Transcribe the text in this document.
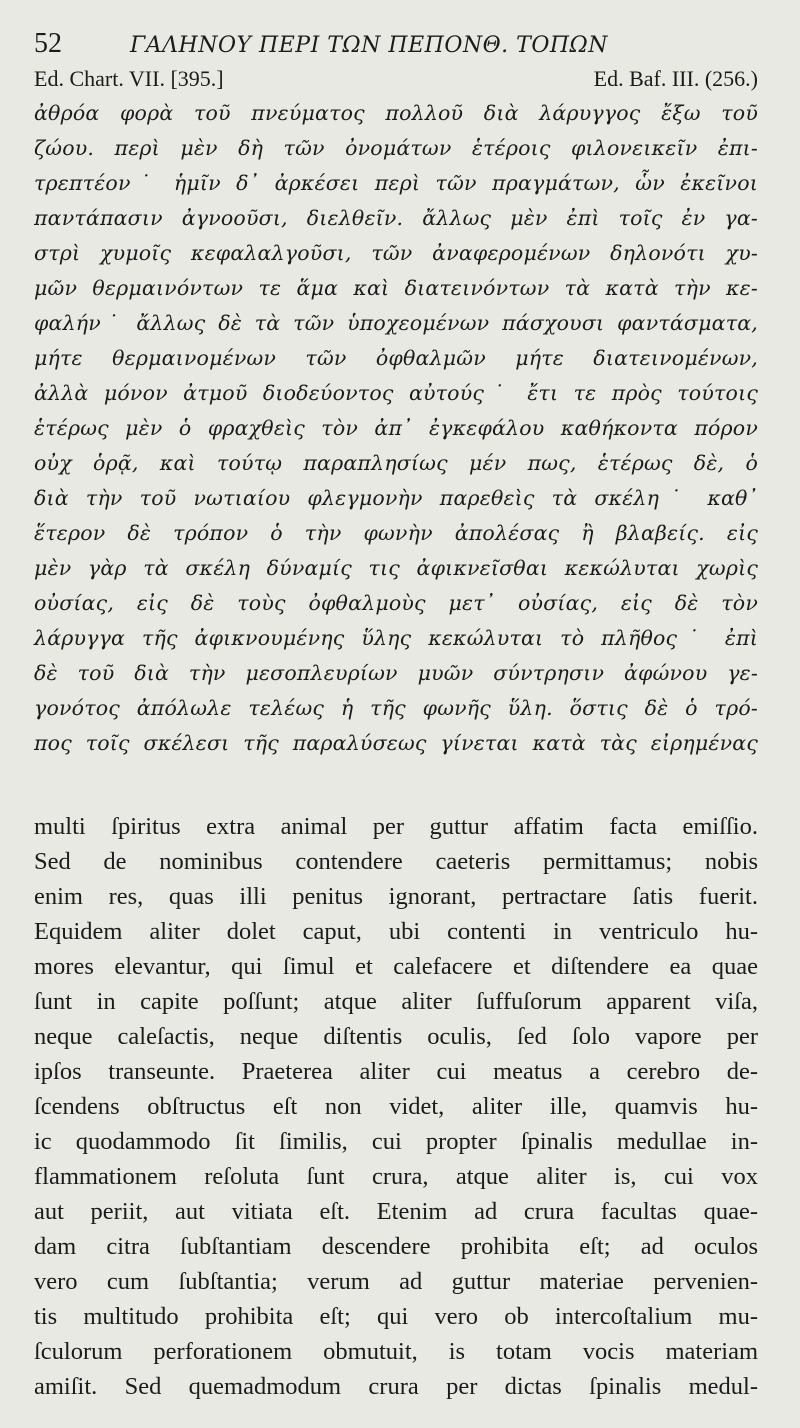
52	ΓΑΛΗΝΟΥ ΠΕΡΙ ΤΩΝ ΠΕΠΟΝΘ. ΤΟΠΩΝ
Ed. Chart. VII. [395.]	Ed. Baf. III. (256.)
ἀθρόα φορὰ τοῦ πνεύματος πολλοῦ διὰ λάρυγγος ἔξω τοῦ
ζώου. περὶ μὲν δὴ τῶν ὀνομάτων ἑτέροις φιλονεικεῖν ἐπι-
τρεπτέον˙ ἡμῖν δ᾽ ἀρκέσει περὶ τῶν πραγμάτων, ὧν ἐκεῖνοι
παντάπασιν ἀγνοοῦσι, διελθεῖν. ἄλλως μὲν ἐπὶ τοῖς ἐν γα-
στρὶ χυμοῖς κεφαλαλγοῦσι, τῶν ἀναφερομένων δηλονότι χυ-
μῶν θερμαινόντων τε ἅμα καὶ διατεινόντων τὰ κατὰ τὴν κε-
φαλήν˙ ἄλλως δὲ τὰ τῶν ὑποχεομένων πάσχουσι φαντάσματα,
μήτε θερμαινομένων τῶν ὀφθαλμῶν μήτε διατεινομένων,
ἀλλὰ μόνον ἀτμοῦ διοδεύοντος αὐτούς˙ ἔτι τε πρὸς τούτοις
ἑτέρως μὲν ὁ φραχθεὶς τὸν ἀπ᾽ ἐγκεφάλου καθήκοντα πόρον
οὐχ ὁρᾷ, καὶ τούτῳ παραπλησίως μέν πως, ἑτέρως δὲ, ὁ
διὰ τὴν τοῦ νωτιαίου φλεγμονὴν παρεθεὶς τὰ σκέλη˙ καθ᾽
ἕτερον δὲ τρόπον ὁ τὴν φωνὴν ἀπολέσας ἢ βλαβείς. εἰς
μὲν γὰρ τὰ σκέλη δύναμίς τις ἀφικνεῖσθαι κεκώλυται χωρὶς
οὐσίας, εἰς δὲ τοὺς ὀφθαλμοὺς μετ᾽ οὐσίας, εἰς δὲ τὸν
λάρυγγα τῆς ἀφικνουμένης ὕλης κεκώλυται τὸ πλῆθος˙ ἐπὶ
δὲ τοῦ διὰ τὴν μεσοπλευρίων μυῶν σύντρησιν ἀφώνου γε-
γονότος ἀπόλωλε τελέως ἡ τῆς φωνῆς ὕλη. ὅστις δὲ ὁ τρό-
πος τοῖς σκέλεσι τῆς παραλύσεως γίνεται κατὰ τὰς εἰρημένας
multi ſpiritus extra animal per guttur affatim facta emiſſio.
Sed de nominibus contendere caeteris permittamus; nobis
enim res, quas illi penitus ignorant, pertractare ſatis fuerit.
Equidem aliter dolet caput, ubi contenti in ventriculo hu-
mores elevantur, qui ſimul et calefacere et diſtendere ea quae
ſunt in capite poſſunt; atque aliter ſuffuſorum apparent viſa,
neque caleſactis, neque diſtentis oculis, ſed ſolo vapore per
ipſos transeunte. Praeterea aliter cui meatus a cerebro de-
ſcendens obſtructus eſt non videt, aliter ille, quamvis hu-
ic quodammodo ſit ſimilis, cui propter ſpinalis medullae in-
flammationem reſoluta ſunt crura, atque aliter is, cui vox
aut periit, aut vitiata eſt. Etenim ad crura facultas quae-
dam citra ſubſtantiam descendere prohibita eſt; ad oculos
vero cum ſubſtantia; verum ad guttur materiae pervenien-
tis multitudo prohibita eſt; qui vero ob intercoſtalium mu-
ſculorum perforationem obmutuit, is totam vocis materiam
amiſit. Sed quemadmodum crura per dictas ſpinalis medul-
